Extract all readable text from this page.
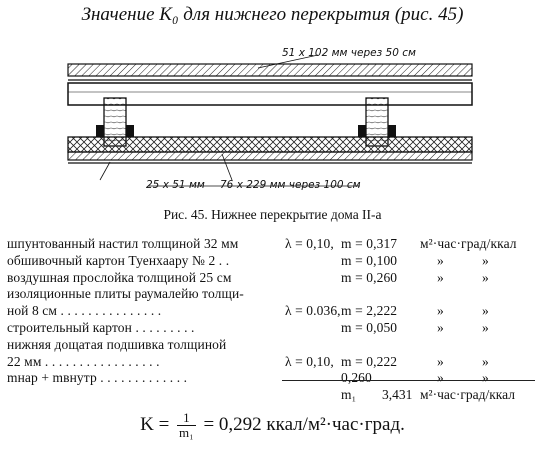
Значение K₀ для нижнего перекрытия (рис. 45)
51 x 102 мм через 50 см
25 x 51 мм 76 x 229 мм через 100 см
Рис. 45. Нижнее перекрытие дома II-а
шпунтованный настил толщиной 32 мм	λ = 0,10, m = 0,317 м²·час·град/ккал
обшивочный картон Туенхаару № 2 . .	m = 0,100	»	»
воздушная прослойка толщиной 25 см	m = 0,260	»	»
изоляционные плиты раумалейю толщи-
ной 8 см . . . . . . . . . . . . . . .	λ = 0.036, m = 2,222	»	»
строительный картон . . . . . . . . .	m = 0,050	»	»
нижняя дощатая подшивка толщиной
22 мм . . . . . . . . . . . . . . . . .	λ = 0,10, m = 0,222	»	»
mнар + mвнутр . . . . . . . . . . . . .	0,260	»	»
m₁ 3,431 м²·час·град/ккал
$K = \frac{1}{\text{m₁}} = 0,292$ ккал/м²·час·град.
